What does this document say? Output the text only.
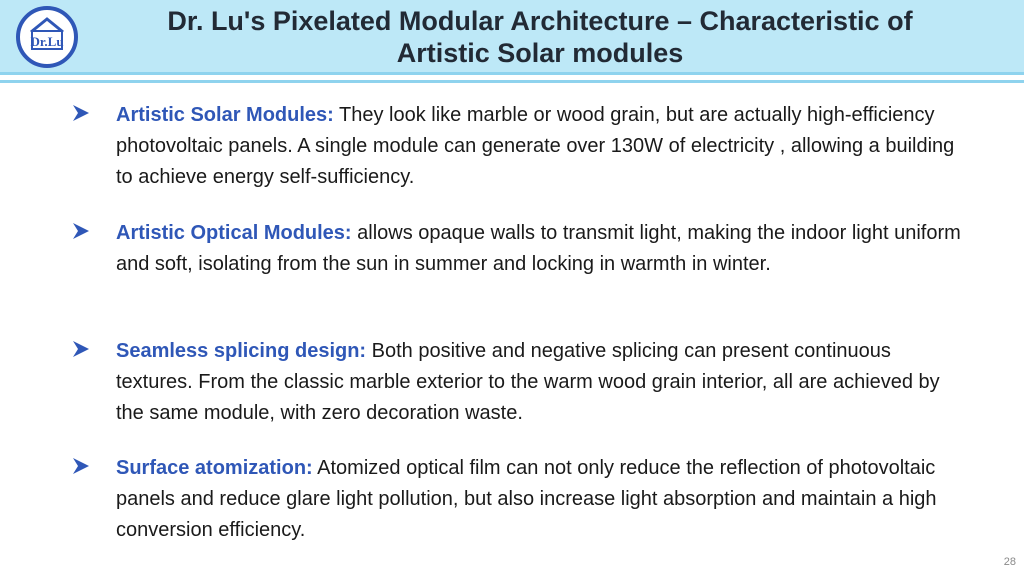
Dr.Lu
Dr. Lu's Pixelated Modular Architecture – Characteristic of
Artistic Solar modules
Artistic Solar Modules: They look like marble or wood grain, but are actually high-efficiency photovoltaic panels. A single module can generate over 130W of electricity , allowing a building to achieve energy self-sufficiency.
Artistic Optical Modules: allows opaque walls to transmit light, making the indoor light uniform and soft, isolating from the sun in summer and locking in warmth in winter.
Seamless splicing design: Both positive and negative splicing can present continuous textures. From the classic marble exterior to the warm wood grain interior, all are achieved by the same module, with zero decoration waste.
Surface atomization: Atomized optical film can not only reduce the reflection of photovoltaic panels and reduce glare light pollution, but also increase light absorption and maintain a high conversion efficiency.
28
